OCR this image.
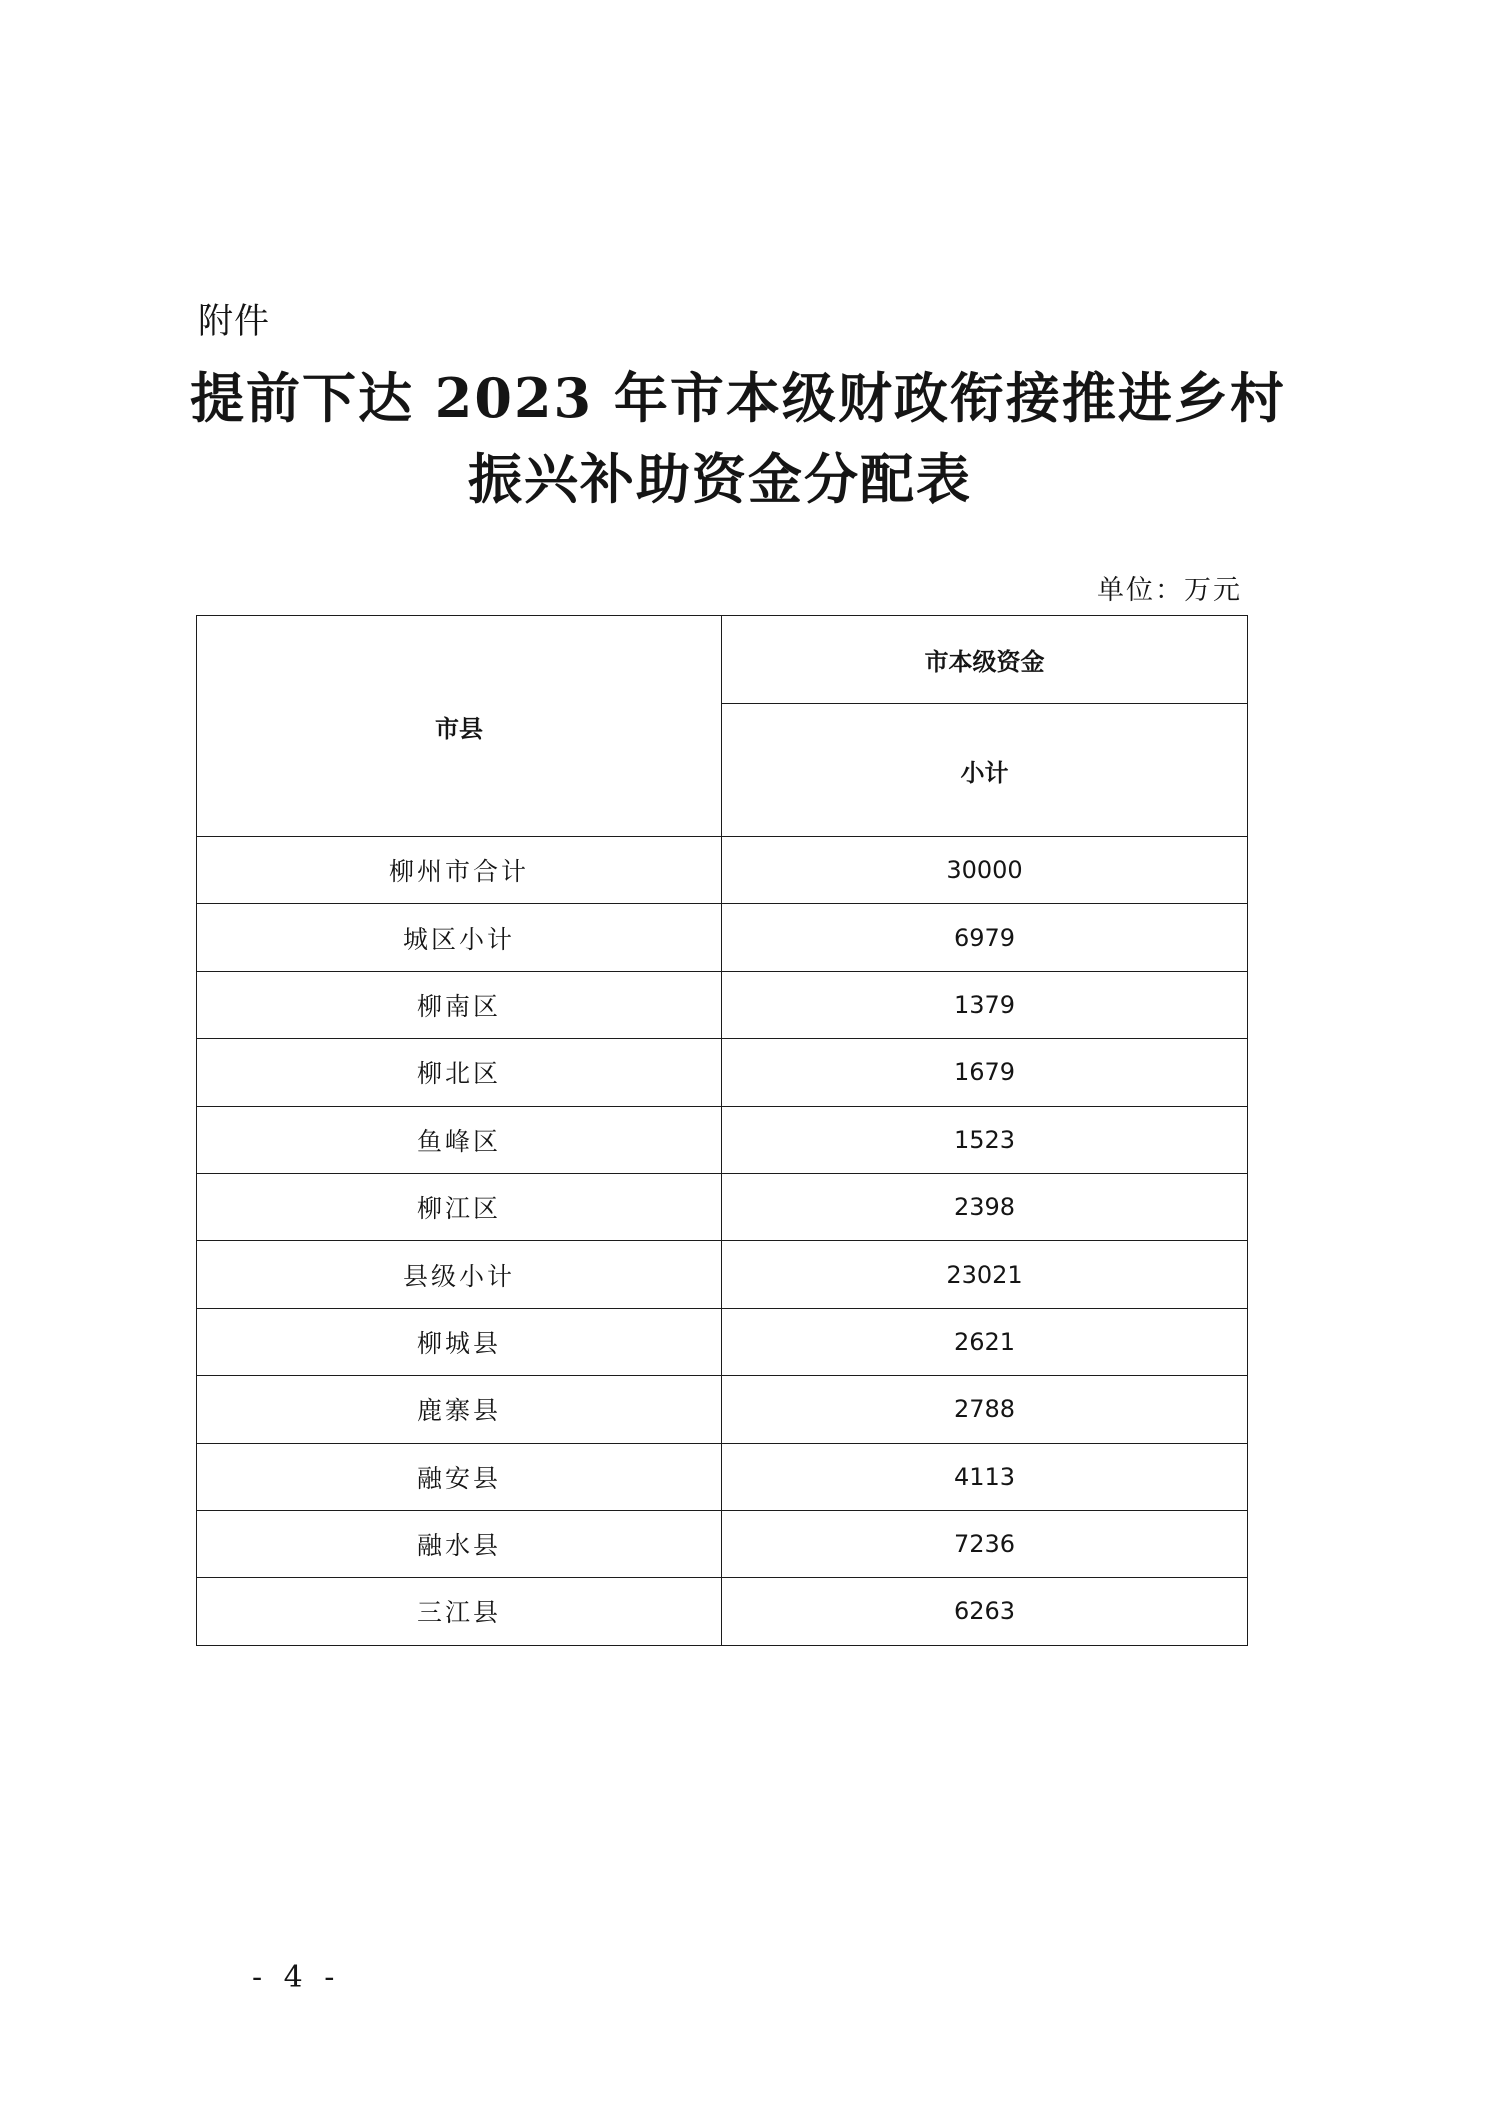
附件
提前下达 2023 年市本级财政衔接推进乡村
振兴补助资金分配表
单位：万元
市县	市本级资金
	小计
柳州市合计	30000
城区小计	6979
柳南区	1379
柳北区	1679
鱼峰区	1523
柳江区	2398
县级小计	23021
柳城县	2621
鹿寨县	2788
融安县	4113
融水县	7236
三江县	6263
- 4 -
